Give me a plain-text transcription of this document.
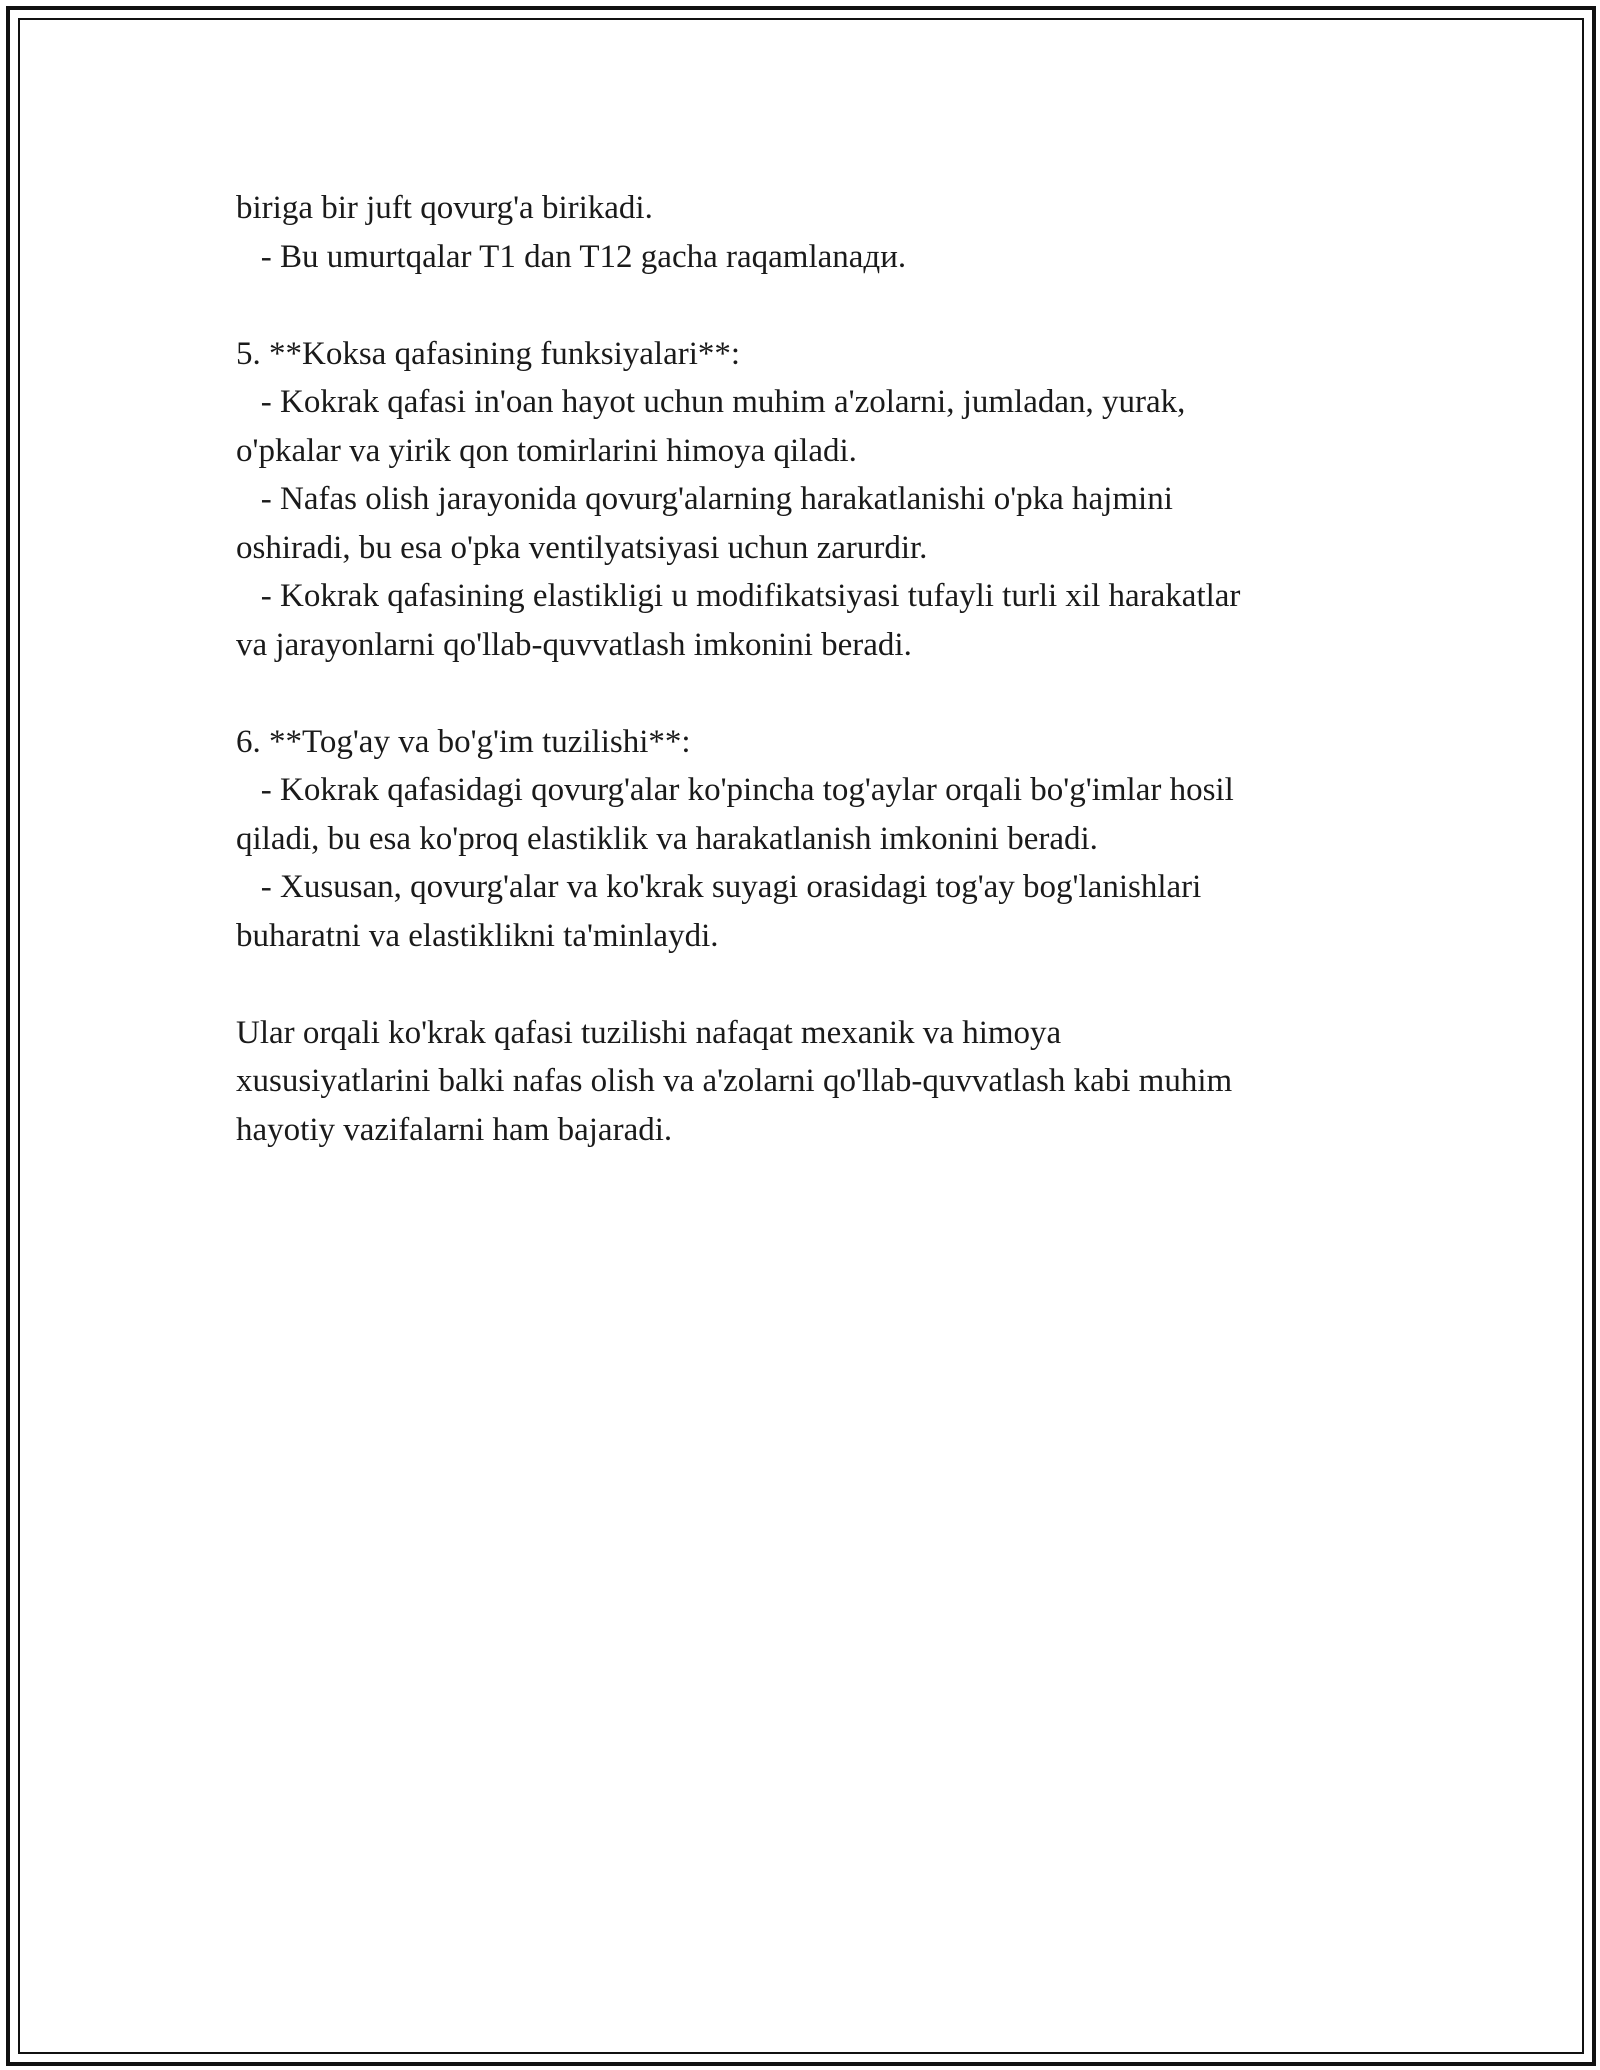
biriga bir juft qovurg'a birikadi.
- Bu umurtqalar T1 dan T12 gacha raqamlanади.
5. **Koksa qafasining funksiyalari**:
- Kokrak qafasi in'oan hayot uchun muhim a'zolarni, jumladan, yurak,
o'pkalar va yirik qon tomirlarini himoya qiladi.
- Nafas olish jarayonida qovurg'alarning harakatlanishi o'pka hajmini
oshiradi, bu esa o'pka ventilyatsiyasi uchun zarurdir.
- Kokrak qafasining elastikligi u modifikatsiyasi tufayli turli xil harakatlar
va jarayonlarni qo'llab-quvvatlash imkonini beradi.
6. **Tog'ay va bo'g'im tuzilishi**:
- Kokrak qafasidagi qovurg'alar ko'pincha tog'aylar orqali bo'g'imlar hosil
qiladi, bu esa ko'proq elastiklik va harakatlanish imkonini beradi.
- Xususan, qovurg'alar va ko'krak suyagi orasidagi tog'ay bog'lanishlari
buharatni va elastiklikni ta'minlaydi.
Ular orqali ko'krak qafasi tuzilishi nafaqat mexanik va himoya
xususiyatlarini balki nafas olish va a'zolarni qo'llab-quvvatlash kabi muhim
hayotiy vazifalarni ham bajaradi.
